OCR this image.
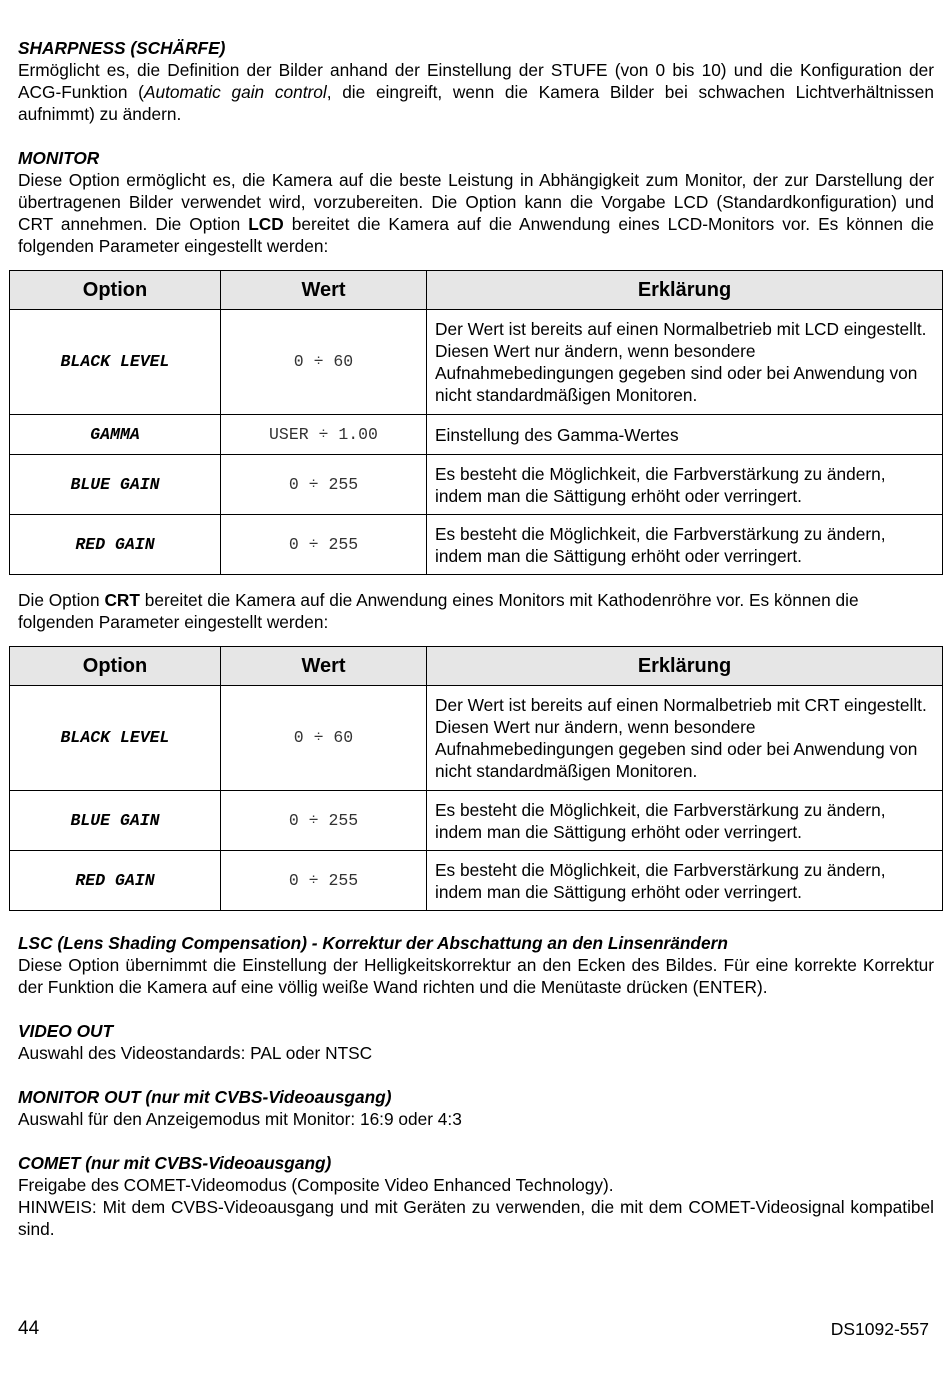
SHARPNESS (SCHÄRFE)

Ermöglicht es, die Definition der Bilder anhand der Einstellung der STUFE (von 0 bis 10) und die Konfiguration der ACG-Funktion (Automatic gain control, die eingreift, wenn die Kamera Bilder bei schwachen Lichtverhältnissen aufnimmt) zu ändern.

MONITOR

Diese Option ermöglicht es, die Kamera auf die beste Leistung in Abhängigkeit zum Monitor, der zur Darstellung der übertragenen Bilder verwendet wird, vorzubereiten. Die Option kann die Vorgabe LCD (Standardkonfiguration) und CRT annehmen. Die Option LCD bereitet die Kamera auf die Anwendung eines LCD-Monitors vor. Es können die folgenden Parameter eingestellt werden:

Option	Wert	Erklärung
BLACK LEVEL	0 ÷ 60	Der Wert ist bereits auf einen Normalbetrieb mit LCD eingestellt. Diesen Wert nur ändern, wenn besondere Aufnahmebedingungen gegeben sind oder bei Anwendung von nicht standardmäßigen Monitoren.
GAMMA	USER ÷ 1.00	Einstellung des Gamma-Wertes
BLUE GAIN	0 ÷ 255	Es besteht die Möglichkeit, die Farbverstärkung zu ändern, indem man die Sättigung erhöht oder verringert.
RED GAIN	0 ÷ 255	Es besteht die Möglichkeit, die Farbverstärkung zu ändern, indem man die Sättigung erhöht oder verringert.

Die Option CRT bereitet die Kamera auf die Anwendung eines Monitors mit Kathodenröhre vor. Es können die folgenden Parameter eingestellt werden:

Option	Wert	Erklärung
BLACK LEVEL	0 ÷ 60	Der Wert ist bereits auf einen Normalbetrieb mit CRT eingestellt. Diesen Wert nur ändern, wenn besondere Aufnahmebedingungen gegeben sind oder bei Anwendung von nicht standardmäßigen Monitoren.
BLUE GAIN	0 ÷ 255	Es besteht die Möglichkeit, die Farbverstärkung zu ändern, indem man die Sättigung erhöht oder verringert.
RED GAIN	0 ÷ 255	Es besteht die Möglichkeit, die Farbverstärkung zu ändern, indem man die Sättigung erhöht oder verringert.

LSC (Lens Shading Compensation) - Korrektur der Abschattung an den Linsenrändern

Diese Option übernimmt die Einstellung der Helligkeitskorrektur an den Ecken des Bildes. Für eine korrekte Korrektur der Funktion die Kamera auf eine völlig weiße Wand richten und die Menütaste drücken (ENTER).

VIDEO OUT

Auswahl des Videostandards: PAL oder NTSC

MONITOR OUT (nur mit CVBS-Videoausgang)

Auswahl für den Anzeigemodus mit Monitor: 16:9 oder 4:3

COMET (nur mit CVBS-Videoausgang)

Freigabe des COMET-Videomodus (Composite Video Enhanced Technology).

HINWEIS: Mit dem CVBS-Videoausgang und mit Geräten zu verwenden, die mit dem COMET-Videosignal kompatibel sind.

44	DS1092-557
